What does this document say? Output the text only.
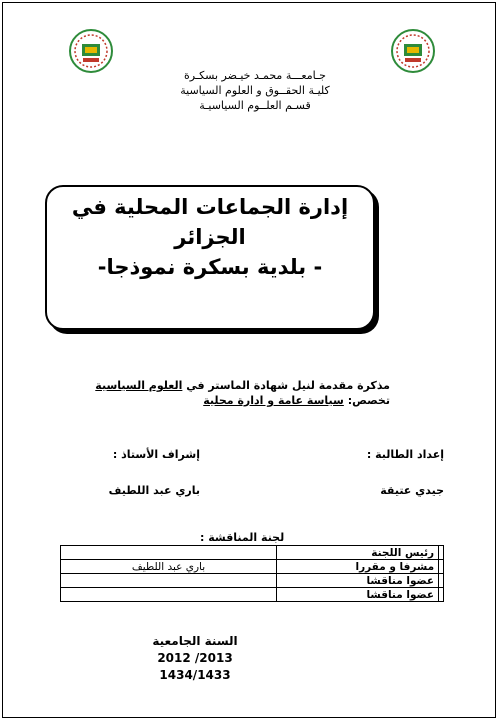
جـامعـــة محمـد خيـضر بسكـرة
كليـة الحقــوق و العلوم السياسية
قسـم العلــوم السياسيـة
إدارة الجماعات المحلية في الجزائر
- بلدية بسكرة نموذجا-
مذكرة مقدمة لنيل شهادة الماستر في العلوم السياسية
تخصص: سياسة عامة و ادارة محلية
إعداد الطالبة :
جيدي عتيقة
إشراف الأستاذ :
باري عبد اللطيف
لجنة المناقشة :
	رئيس اللجنة	
	مشرفا و مقررا	باري عبد اللطيف
	عضوا مناقشا	
	عضوا مناقشا	
السنة الجامعية
2013/ 2012
1434/1433
